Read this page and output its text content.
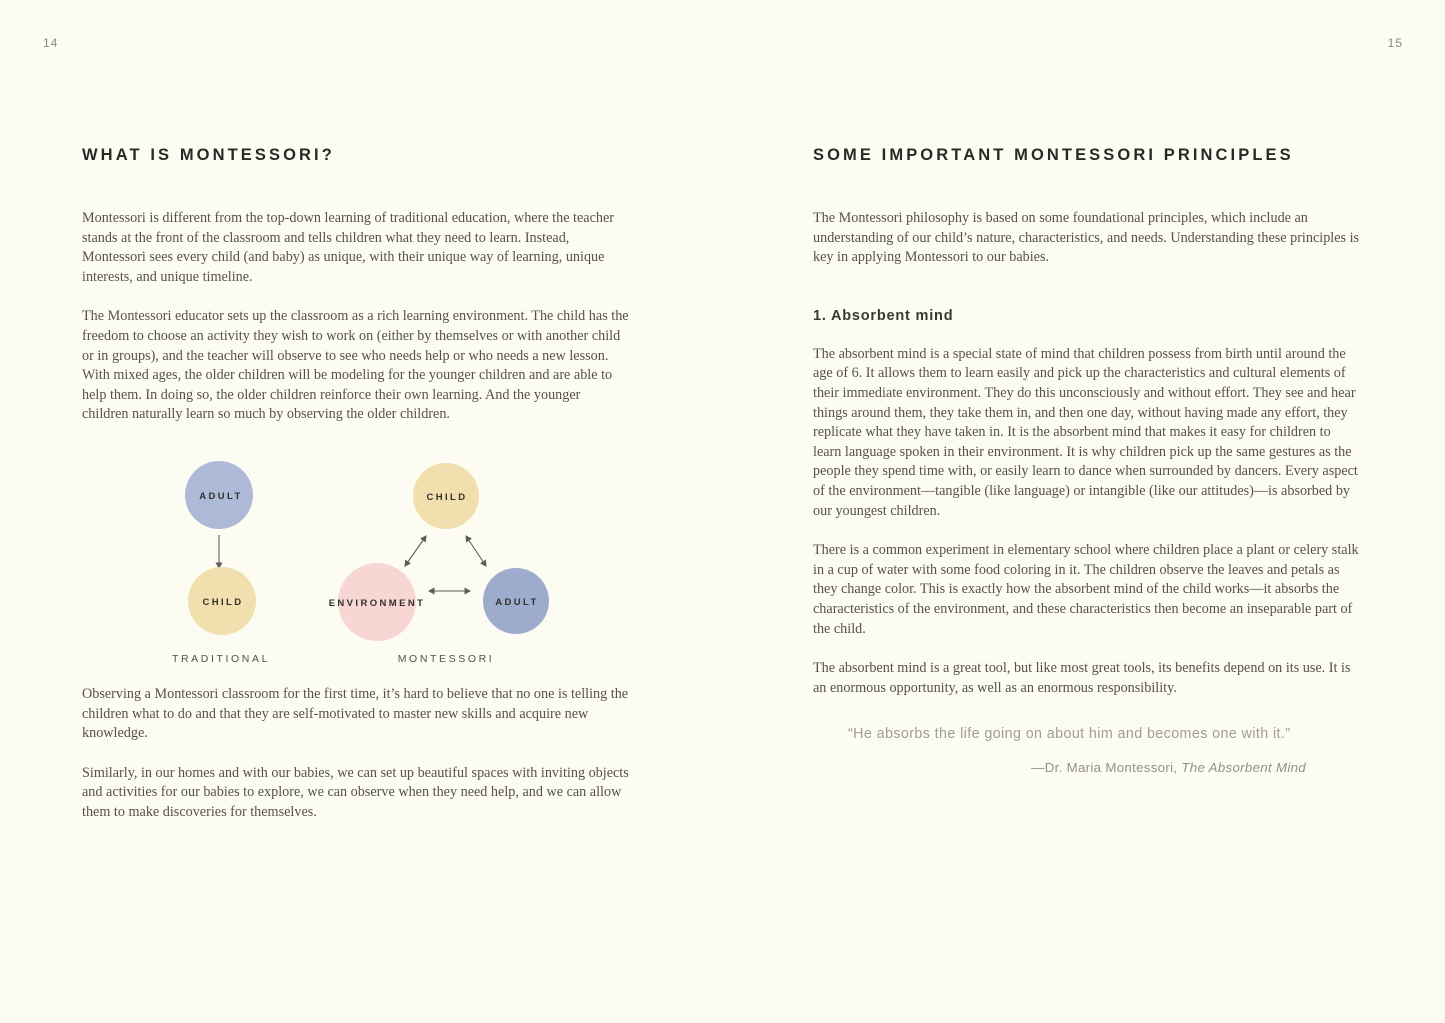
14
WHAT IS MONTESSORI?

Montessori is different from the top-down learning of traditional education, where the teacher stands at the front of the classroom and tells children what they need to learn. Instead, Montessori sees every child (and baby) as unique, with their unique way of learning, unique interests, and unique timeline.

The Montessori educator sets up the classroom as a rich learning environment. The child has the freedom to choose an activity they wish to work on (either by themselves or with another child or in groups), and the teacher will observe to see who needs help or who needs a new lesson. With mixed ages, the older children will be modeling for the younger children and are able to help them. In doing so, the older children reinforce their own learning. And the younger children naturally learn so much by observing the older children.

ADULT
CHILD
TRADITIONAL
CHILD
ENVIRONMENT	ADULT
MONTESSORI

Observing a Montessori classroom for the first time, it’s hard to believe that no one is telling the children what to do and that they are self-motivated to master new skills and acquire new knowledge.

Similarly, in our homes and with our babies, we can set up beautiful spaces with inviting objects and activities for our babies to explore, we can observe when they need help, and we can allow them to make discoveries for themselves.

15
SOME IMPORTANT MONTESSORI PRINCIPLES

The Montessori philosophy is based on some foundational principles, which include an understanding of our child’s nature, characteristics, and needs. Understanding these principles is key in applying Montessori to our babies.

1. Absorbent mind

The absorbent mind is a special state of mind that children possess from birth until around the age of 6. It allows them to learn easily and pick up the characteristics and cultural elements of their immediate environment. They do this unconsciously and without effort. They see and hear things around them, they take them in, and then one day, without having made any effort, they replicate what they have taken in. It is the absorbent mind that makes it easy for children to learn language spoken in their environment. It is why children pick up the same gestures as the people they spend time with, or easily learn to dance when surrounded by dancers. Every aspect of the environment—tangible (like language) or intangible (like our attitudes)—is absorbed by our youngest children.

There is a common experiment in elementary school where children place a plant or celery stalk in a cup of water with some food coloring in it. The children observe the leaves and petals as they change color. This is exactly how the absorbent mind of the child works—it absorbs the characteristics of the environment, and these characteristics then become an inseparable part of the child.

The absorbent mind is a great tool, but like most great tools, its benefits depend on its use. It is an enormous opportunity, as well as an enormous responsibility.

“He absorbs the life going on about him and becomes one with it.”
—Dr. Maria Montessori, The Absorbent Mind
